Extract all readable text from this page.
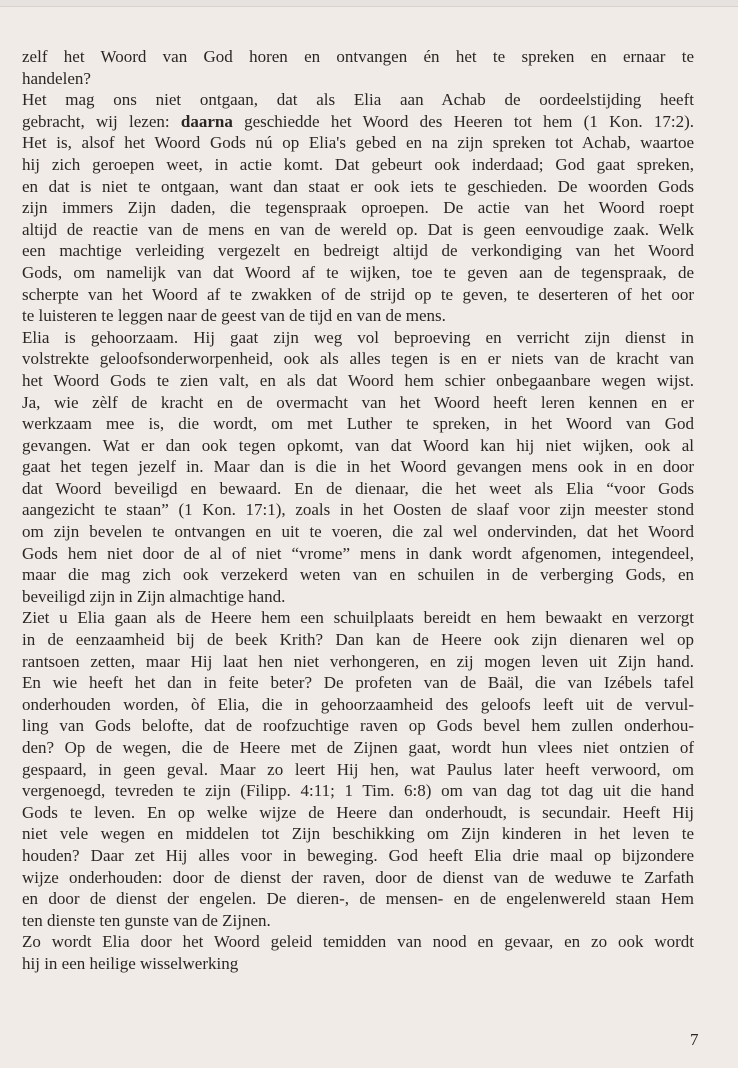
zelf het Woord van God horen en ontvangen én het te spreken en ernaar te
handelen?
Het mag ons niet ontgaan, dat als Elia aan Achab de oordeelstijding heeft
gebracht, wij lezen: daarna geschiedde het Woord des Heeren tot hem (1 Kon. 17:2).
Het is, alsof het Woord Gods nú op Elia's gebed en na zijn spreken tot Achab, waartoe
hij zich geroepen weet, in actie komt. Dat gebeurt ook inderdaad; God gaat spreken,
en dat is niet te ontgaan, want dan staat er ook iets te geschieden. De woorden Gods
zijn immers Zijn daden, die tegenspraak oproepen. De actie van het Woord roept
altijd de reactie van de mens en van de wereld op. Dat is geen eenvoudige zaak. Welk
een machtige verleiding vergezelt en bedreigt altijd de verkondiging van het Woord
Gods, om namelijk van dat Woord af te wijken, toe te geven aan de tegenspraak, de
scherpte van het Woord af te zwakken of de strijd op te geven, te deserteren of het oor
te luisteren te leggen naar de geest van de tijd en van de mens.
Elia is gehoorzaam. Hij gaat zijn weg vol beproeving en verricht zijn dienst in
volstrekte geloofsonderworpenheid, ook als alles tegen is en er niets van de kracht van
het Woord Gods te zien valt, en als dat Woord hem schier onbegaanbare wegen wijst.
Ja, wie zèlf de kracht en de overmacht van het Woord heeft leren kennen en er
werkzaam mee is, die wordt, om met Luther te spreken, in het Woord van God
gevangen. Wat er dan ook tegen opkomt, van dat Woord kan hij niet wijken, ook al
gaat het tegen jezelf in. Maar dan is die in het Woord gevangen mens ook in en door
dat Woord beveiligd en bewaard. En de dienaar, die het weet als Elia “voor Gods
aangezicht te staan” (1 Kon. 17:1), zoals in het Oosten de slaaf voor zijn meester stond
om zijn bevelen te ontvangen en uit te voeren, die zal wel ondervinden, dat het Woord
Gods hem niet door de al of niet “vrome” mens in dank wordt afgenomen, integendeel,
maar die mag zich ook verzekerd weten van en schuilen in de verberging Gods, en
beveiligd zijn in Zijn almachtige hand.
Ziet u Elia gaan als de Heere hem een schuilplaats bereidt en hem bewaakt en verzorgt
in de eenzaamheid bij de beek Krith? Dan kan de Heere ook zijn dienaren wel op
rantsoen zetten, maar Hij laat hen niet verhongeren, en zij mogen leven uit Zijn hand.
En wie heeft het dan in feite beter? De profeten van de Baäl, die van Izébels tafel
onderhouden worden, òf Elia, die in gehoorzaamheid des geloofs leeft uit de vervul-
ling van Gods belofte, dat de roofzuchtige raven op Gods bevel hem zullen onderhou-
den? Op de wegen, die de Heere met de Zijnen gaat, wordt hun vlees niet ontzien of
gespaard, in geen geval. Maar zo leert Hij hen, wat Paulus later heeft verwoord, om
vergenoegd, tevreden te zijn (Filipp. 4:11; 1 Tim. 6:8) om van dag tot dag uit die hand
Gods te leven. En op welke wijze de Heere dan onderhoudt, is secundair. Heeft Hij
niet vele wegen en middelen tot Zijn beschikking om Zijn kinderen in het leven te
houden? Daar zet Hij alles voor in beweging. God heeft Elia drie maal op bijzondere
wijze onderhouden: door de dienst der raven, door de dienst van de weduwe te Zarfath
en door de dienst der engelen. De dieren-, de mensen- en de engelenwereld staan Hem
ten dienste ten gunste van de Zijnen.
Zo wordt Elia door het Woord geleid temidden van nood en gevaar, en zo ook wordt
hij in een heilige wisselwerking
7
